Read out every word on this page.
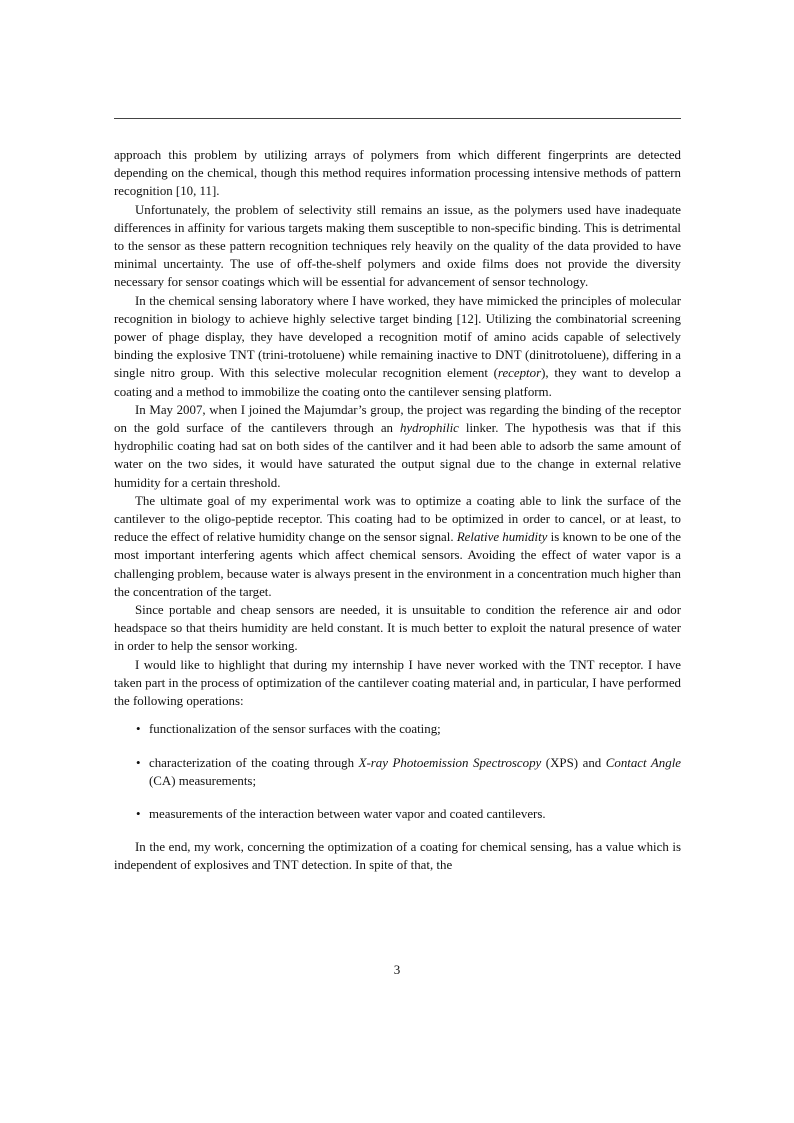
approach this problem by utilizing arrays of polymers from which different fingerprints are detected depending on the chemical, though this method requires information processing intensive methods of pattern recognition [10, 11].

Unfortunately, the problem of selectivity still remains an issue, as the polymers used have inadequate differences in affinity for various targets making them susceptible to non-specific binding. This is detrimental to the sensor as these pattern recognition techniques rely heavily on the quality of the data provided to have minimal uncertainty. The use of off-the-shelf polymers and oxide films does not provide the diversity necessary for sensor coatings which will be essential for advancement of sensor technology.

In the chemical sensing laboratory where I have worked, they have mimicked the principles of molecular recognition in biology to achieve highly selective target binding [12]. Utilizing the combinatorial screening power of phage display, they have developed a recognition motif of amino acids capable of selectively binding the explosive TNT (trini-trotoluene) while remaining inactive to DNT (dinitrotoluene), differing in a single nitro group. With this selective molecular recognition element (receptor), they want to develop a coating and a method to immobilize the coating onto the cantilever sensing platform.

In May 2007, when I joined the Majumdar’s group, the project was regarding the binding of the receptor on the gold surface of the cantilevers through an hydrophilic linker. The hypothesis was that if this hydrophilic coating had sat on both sides of the cantilver and it had been able to adsorb the same amount of water on the two sides, it would have saturated the output signal due to the change in external relative humidity for a certain threshold.

The ultimate goal of my experimental work was to optimize a coating able to link the surface of the cantilever to the oligo-peptide receptor. This coating had to be optimized in order to cancel, or at least, to reduce the effect of relative humidity change on the sensor signal. Relative humidity is known to be one of the most important interfering agents which affect chemical sensors. Avoiding the effect of water vapor is a challenging problem, because water is always present in the environment in a concentration much higher than the concentration of the target.

Since portable and cheap sensors are needed, it is unsuitable to condition the reference air and odor headspace so that theirs humidity are held constant. It is much better to exploit the natural presence of water in order to help the sensor working.

I would like to highlight that during my internship I have never worked with the TNT receptor. I have taken part in the process of optimization of the cantilever coating material and, in particular, I have performed the following operations:

• functionalization of the sensor surfaces with the coating;
• characterization of the coating through X-ray Photoemission Spectroscopy (XPS) and Contact Angle (CA) measurements;
• measurements of the interaction between water vapor and coated cantilevers.

In the end, my work, concerning the optimization of a coating for chemical sensing, has a value which is independent of explosives and TNT detection. In spite of that, the

3
